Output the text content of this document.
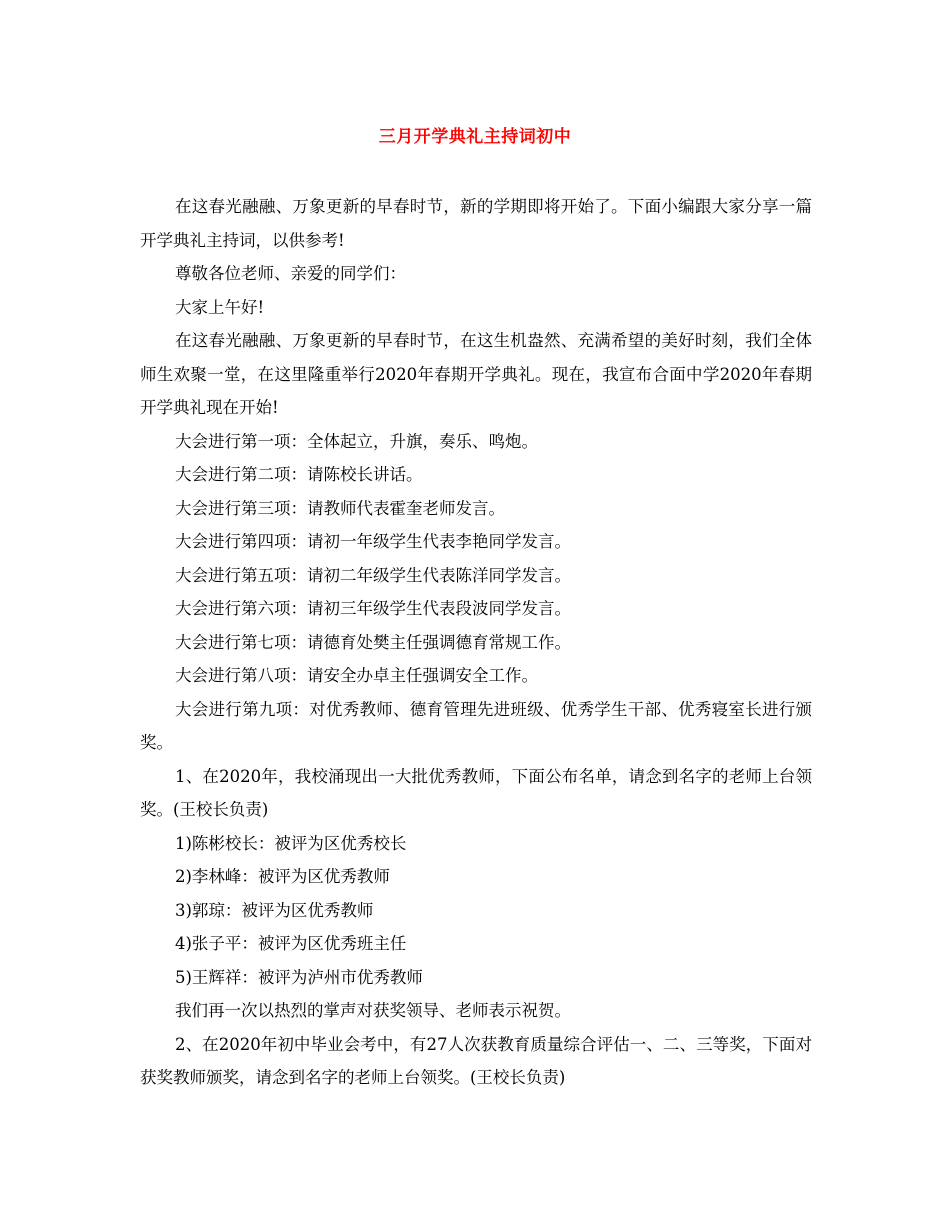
三月开学典礼主持词初中

在这春光融融、万象更新的早春时节，新的学期即将开始了。下面小编跟大家分享一篇开学典礼主持词，以供参考!

尊敬各位老师、亲爱的同学们：

大家上午好!

在这春光融融、万象更新的早春时节，在这生机盎然、充满希望的美好时刻，我们全体师生欢聚一堂，在这里隆重举行2020年春期开学典礼。现在，我宣布合面中学2020年春期开学典礼现在开始!

大会进行第一项：全体起立，升旗，奏乐、鸣炮。

大会进行第二项：请陈校长讲话。

大会进行第三项：请教师代表霍奎老师发言。

大会进行第四项：请初一年级学生代表李艳同学发言。

大会进行第五项：请初二年级学生代表陈洋同学发言。

大会进行第六项：请初三年级学生代表段波同学发言。

大会进行第七项：请德育处樊主任强调德育常规工作。

大会进行第八项：请安全办卓主任强调安全工作。

大会进行第九项：对优秀教师、德育管理先进班级、优秀学生干部、优秀寝室长进行颁奖。

1、在2020年，我校涌现出一大批优秀教师，下面公布名单，请念到名字的老师上台领奖。(王校长负责)

1)陈彬校长：被评为区优秀校长

2)李林峰：被评为区优秀教师

3)郭琼：被评为区优秀教师

4)张子平：被评为区优秀班主任

5)王辉祥：被评为泸州市优秀教师

我们再一次以热烈的掌声对获奖领导、老师表示祝贺。

2、在2020年初中毕业会考中，有27人次获教育质量综合评估一、二、三等奖，下面对获奖教师颁奖，请念到名字的老师上台领奖。(王校长负责)
